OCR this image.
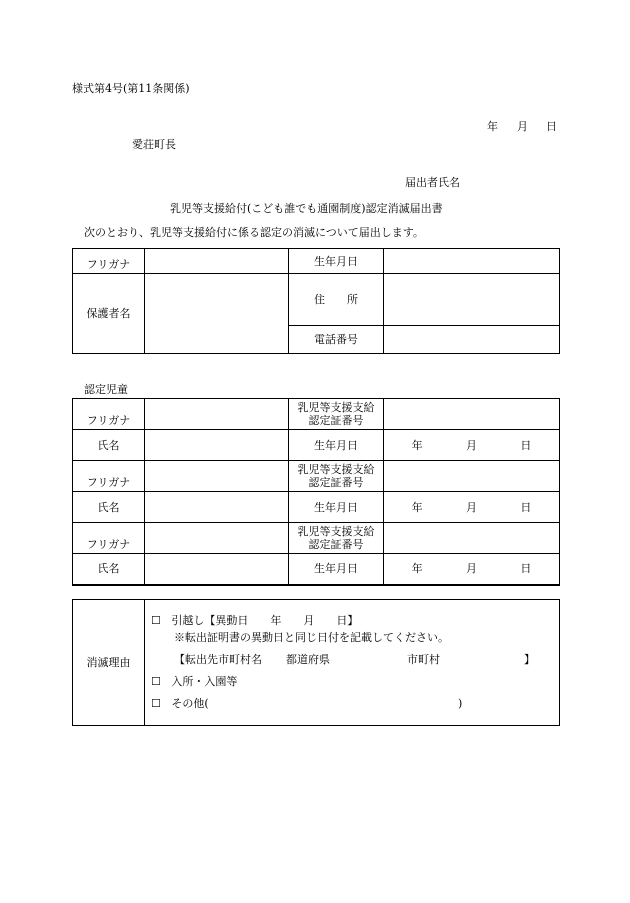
様式第4号(第11条関係)
年 月 日
愛荘町長
届出者氏名
乳児等支援給付(こども誰でも通園制度)認定消滅届出書
次のとおり、乳児等支援給付に係る認定の消滅について届出します。
フリガナ		生年月日	
保護者名		住　　所	
		電話番号	
認定児童
フリガナ		乳児等支援支給
認定証番号	
氏名		生年月日	年 月 日

フリガナ		乳児等支援支給
認定証番号	
氏名		生年月日	年 月 日

フリガナ		乳児等支援支給
認定証番号	
氏名		生年月日	年 月 日
消滅理由	
☐ 引越し【異動日　　年　　月　　日】
※転出証明書の異動日と同じ日付を記載してください。
【転出先市町村名 都道府県	市町村	】
☐ 入所・入園等
☐ その他(	)
